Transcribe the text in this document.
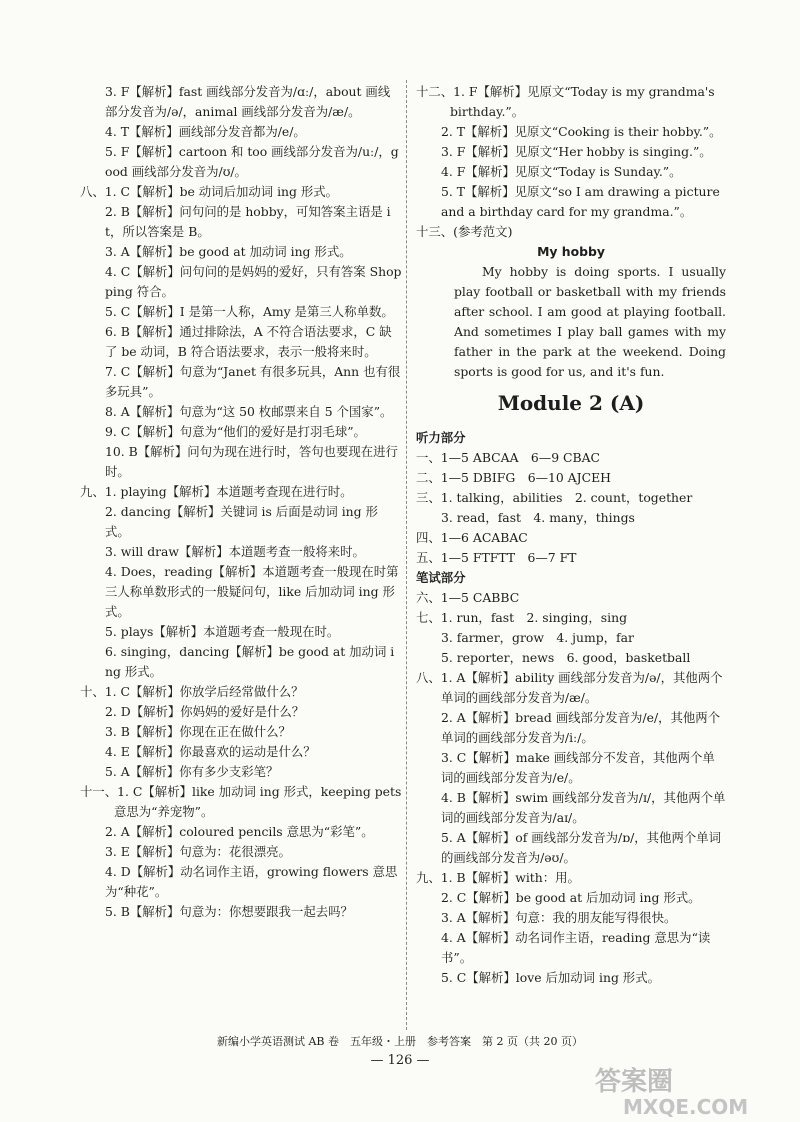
3. F【解析】fast 画线部分发音为/ɑː/，about 画线部分发音为/ə/，animal 画线部分发音为/æ/。

4. T【解析】画线部分发音都为/e/。

5. F【解析】cartoon 和 too 画线部分发音为/uː/，good 画线部分发音为/ʊ/。

八、1. C【解析】be 动词后加动词 ing 形式。

2. B【解析】问句问的是 hobby，可知答案主语是 it，所以答案是 B。

3. A【解析】be good at 加动词 ing 形式。

4. C【解析】问句问的是妈妈的爱好，只有答案 Shopping 符合。

5. C【解析】I 是第一人称，Amy 是第三人称单数。

6. B【解析】通过排除法，A 不符合语法要求，C 缺了 be 动词，B 符合语法要求，表示一般将来时。

7. C【解析】句意为“Janet 有很多玩具，Ann 也有很多玩具”。

8. A【解析】句意为“这 50 枚邮票来自 5 个国家”。

9. C【解析】句意为“他们的爱好是打羽毛球”。

10. B【解析】问句为现在进行时，答句也要现在进行时。

九、1. playing【解析】本道题考查现在进行时。

2. dancing【解析】关键词 is 后面是动词 ing 形式。

3. will draw【解析】本道题考查一般将来时。

4. Does，reading【解析】本道题考查一般现在时第三人称单数形式的一般疑问句，like 后加动词 ing 形式。

5. plays【解析】本道题考查一般现在时。

6. singing，dancing【解析】be good at 加动词 ing 形式。

十、1. C【解析】你放学后经常做什么？

2. D【解析】你妈妈的爱好是什么？

3. B【解析】你现在正在做什么？

4. E【解析】你最喜欢的运动是什么？

5. A【解析】你有多少支彩笔？

十一、1. C【解析】like 加动词 ing 形式，keeping pets 意思为“养宠物”。

2. A【解析】coloured pencils 意思为“彩笔”。

3. E【解析】句意为：花很漂亮。

4. D【解析】动名词作主语，growing flowers 意思为“种花”。

5. B【解析】句意为：你想要跟我一起去吗？

十二、1. F【解析】见原文“Today is my grandma's birthday.”。

2. T【解析】见原文“Cooking is their hobby.”。

3. F【解析】见原文“Her hobby is singing.”。

4. F【解析】见原文“Today is Sunday.”。

5. T【解析】见原文“so I am drawing a picture and a birthday card for my grandma.”。

十三、(参考范文)

My hobby

My hobby is doing sports. I usually play football or basketball with my friends after school. I am good at playing football. And sometimes I play ball games with my father in the park at the weekend. Doing sports is good for us, and it's fun.

Module 2 (A)

听力部分

一、1—5 ABCAA　6—9 CBAC

二、1—5 DBIFG　6—10 AJCEH

三、1. talking，abilities　2. count，together

3. read，fast　4. many，things

四、1—6 ACABAC

五、1—5 FTFTT　6—7 FT

笔试部分

六、1—5 CABBC

七、1. run，fast　2. singing，sing

3. farmer，grow　4. jump，far

5. reporter，news　6. good，basketball

八、1. A【解析】ability 画线部分发音为/ə/，其他两个单词的画线部分发音为/æ/。

2. A【解析】bread 画线部分发音为/e/，其他两个单词的画线部分发音为/iː/。

3. C【解析】make 画线部分不发音，其他两个单词的画线部分发音为/e/。

4. B【解析】swim 画线部分发音为/ɪ/，其他两个单词的画线部分发音为/aɪ/。

5. A【解析】of 画线部分发音为/ɒ/，其他两个单词的画线部分发音为/əʊ/。

九、1. B【解析】with：用。

2. C【解析】be good at 后加动词 ing 形式。

3. A【解析】句意：我的朋友能写得很快。

4. A【解析】动名词作主语，reading 意思为“读书”。

5. C【解析】love 后加动词 ing 形式。

新编小学英语测试 AB 卷　五年级・上册　参考答案　第 2 页（共 20 页）
— 126 —
答案圈
MXQE.COM
